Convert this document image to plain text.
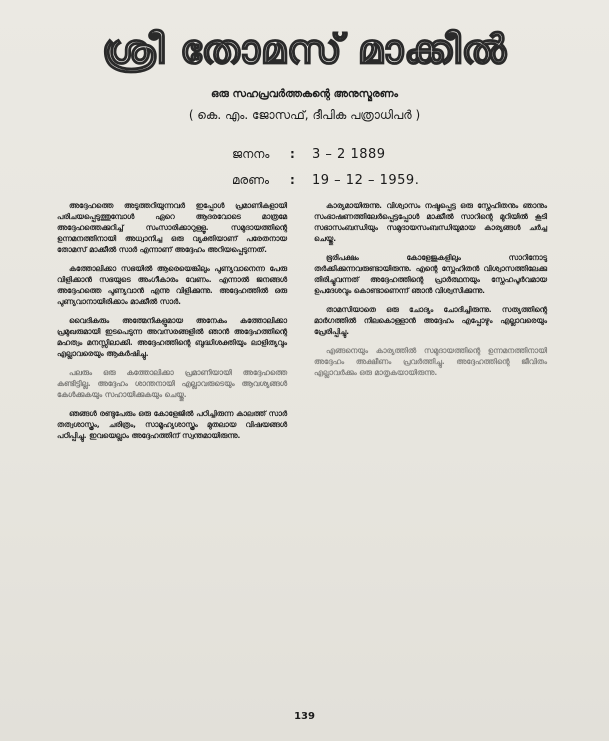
ശ്രീ തോമസ് മാക്കീൽ
ഒരു സഹപ്രവർത്തകന്റെ അനുസ്മരണം
( കെ. എം. ജോസഫ്, ദീപിക പത്രാധിപർ )
ജനനം	:	3 – 2 1889
മരണം	:	19 – 12 – 1959.

അദ്ദേഹത്തെ അടുത്തറിയുന്നവർ ഇപ്പോൾ പ്രമാണികളായി പരിചയപ്പെടുത്തുമ്പോൾ ഏറെ ആദരവോടെ മാത്രമേ അദ്ദേഹത്തെക്കുറിച്ച് സംസാരിക്കാറുള്ളൂ. സമുദായത്തിന്റെ ഉന്നമനത്തിനായി അധ്വാനിച്ച ഒരു വ്യക്തിയാണ് പരേതനായ തോമസ് മാക്കീൽ സാർ എന്നാണ് അദ്ദേഹം അറിയപ്പെടുന്നത്.

കത്തോലിക്കാ സഭയിൽ ആരെയെങ്കിലും പുണ്യവാനെന്ന പേരു വിളിക്കാൻ സഭയുടെ അംഗീകാരം വേണം. എന്നാൽ ജനങ്ങൾ അദ്ദേഹത്തെ പുണ്യവാൻ എന്നു വിളിക്കുന്നു. അദ്ദേഹത്തിൽ ഒരു പുണ്യവാനായിരിക്കാം മാക്കീൽ സാർ.

വൈദികരും അത്മേനികളുമായ അനേകം കത്തോലിക്കാ പ്രമുഖരുമായി ഇടപെടുന്ന അവസരങ്ങളിൽ ഞാൻ അദ്ദേഹത്തിന്റെ മഹത്വം മനസ്സിലാക്കി. അദ്ദേഹത്തിന്റെ ബുദ്ധിശക്തിയും ലാളിത്യവും എല്ലാവരെയും ആകർഷിച്ചു.

പലരും ഒരു കത്തോലിക്കാ പ്രമാണിയായി അദ്ദേഹത്തെ കണ്ടിട്ടില്ല. അദ്ദേഹം ശാന്തനായി എല്ലാവരുടെയും ആവശ്യങ്ങൾ കേൾക്കുകയും സഹായിക്കുകയും ചെയ്തു.

ഞങ്ങൾ രണ്ടുപേരും ഒരു കോളേജിൽ പഠിച്ചിരുന്ന കാലത്ത് സാർ തത്വശാസ്ത്രം, ചരിത്രം, സാമൂഹ്യശാസ്ത്രം മുതലായ വിഷയങ്ങൾ പഠിപ്പിച്ചു. ഇവയെല്ലാം അദ്ദേഹത്തിന് സ്വന്തമായിരുന്നു.

കാര്യമായിരുന്നു. വിശ്വാസം നഷ്ടപ്പെട്ട ഒരു സ്നേഹിതനും ഞാനും സംഭാഷണത്തിലേർപ്പെട്ടപ്പോൾ മാക്കീൽ സാറിന്റെ മുറിയിൽ കൂടി സഭാസംബന്ധിയും സമുദായസംബന്ധിയുമായ കാര്യങ്ങൾ ചർച്ച ചെയ്തു.

ഭൂരിപക്ഷം കോളേജുകളിലും സാറിനോടു തർക്കിക്കുന്നവരുണ്ടായിരുന്നു. എന്റെ സ്നേഹിതൻ വിശ്വാസത്തിലേക്കു തിരിച്ചുവന്നത് അദ്ദേഹത്തിന്റെ പ്രാർത്ഥനയും സ്നേഹപൂർവമായ ഉപദേശവും കൊണ്ടാണെന്ന് ഞാൻ വിശ്വസിക്കുന്നു.

താമസിയാതെ ഒരു ചോദ്യം ചോദിച്ചിരുന്നു. സത്യത്തിന്റെ മാർഗത്തിൽ നിലകൊള്ളാൻ അദ്ദേഹം എപ്പോഴും എല്ലാവരെയും പ്രേരിപ്പിച്ചു.

എങ്ങനെയും കാര്യത്തിൽ സമുദായത്തിന്റെ ഉന്നമനത്തിനായി അദ്ദേഹം അക്ഷീണം പ്രവർത്തിച്ചു. അദ്ദേഹത്തിന്റെ ജീവിതം എല്ലാവർക്കും ഒരു മാതൃകയായിരുന്നു.

139
